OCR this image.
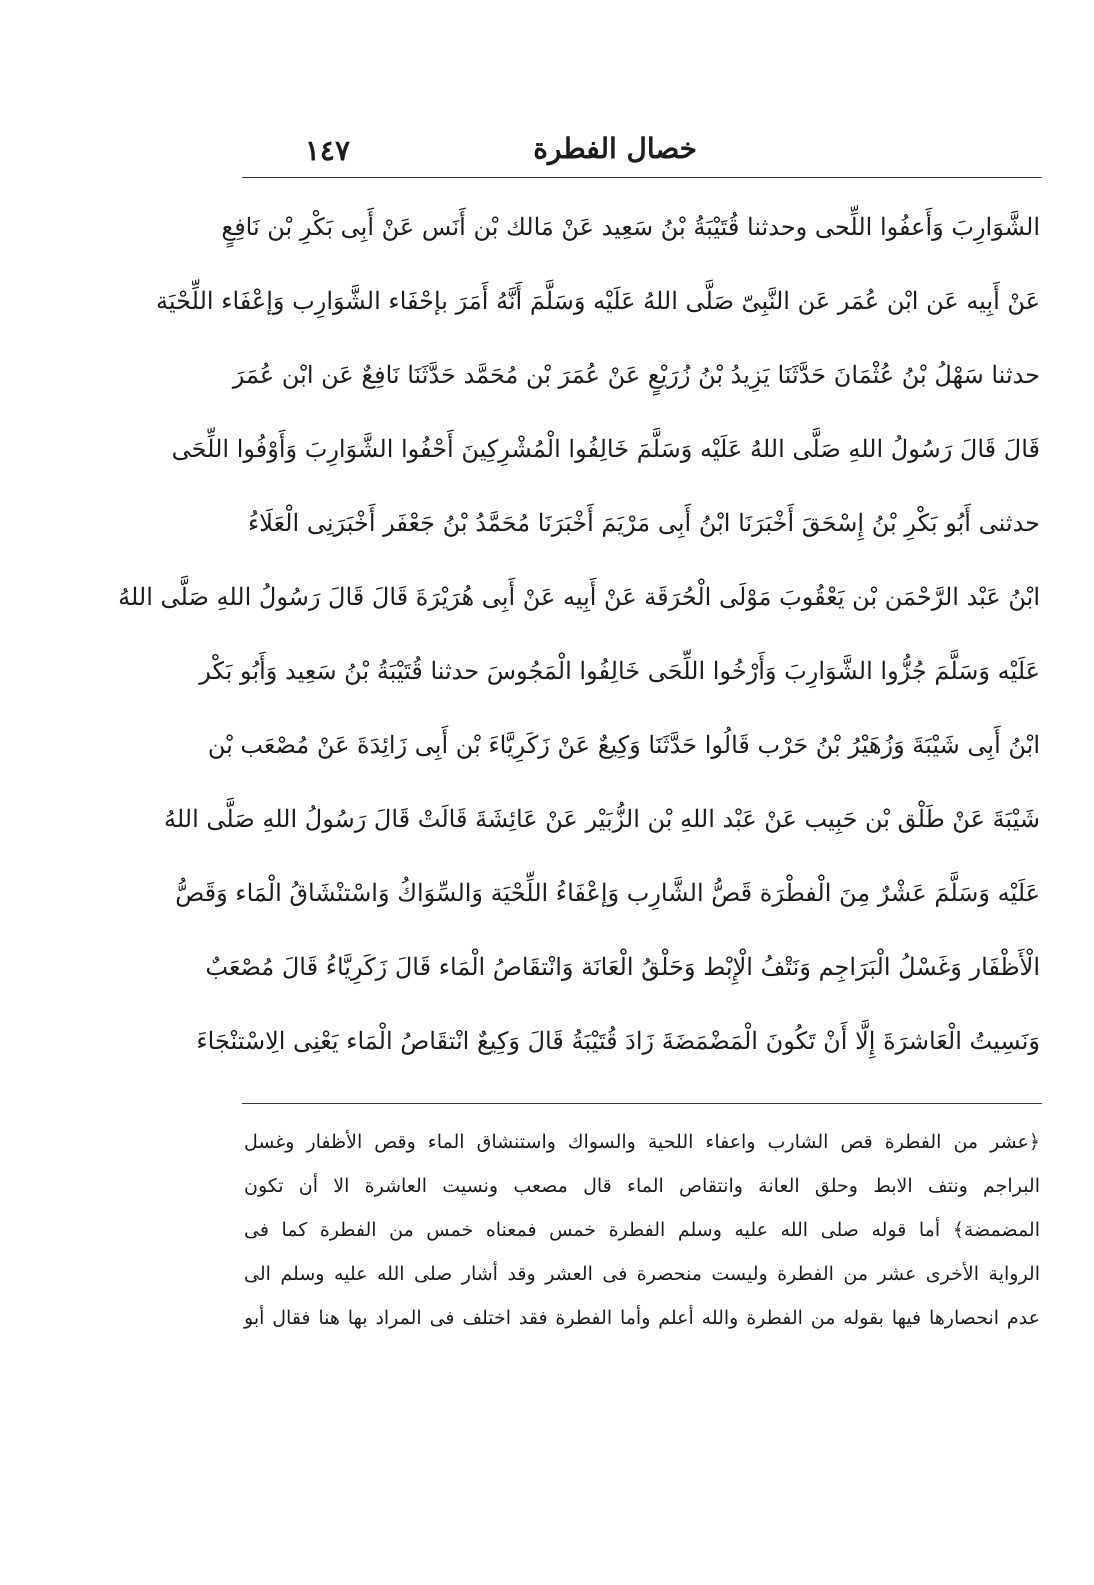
خصال الفطرة
١٤٧
الشَّوَارِبَ وَأَعفُوا اللِّحى وحدثنا قُتَيْبَةُ بْنُ سَعِيد عَنْ مَالك بْن أَنَس عَنْ أَبِى بَكْرِ بْن نَافِعٍ
عَنْ أَبِيه عَن ابْن عُمَر عَن النَّبِىّ صَلَّى اللهُ عَلَيْه وَسَلَّمَ أَنَّهُ أَمَرَ بإحْفَاء الشَّوَارِب وَإعْفَاء اللِّحْيَة
حدثنا سَهْلُ بْنُ عُثْمَانَ حَدَّثَنَا يَزِيدُ بْنُ زُرَيْعٍ عَنْ عُمَرَ بْن مُحَمَّد حَدَّثَنَا نَافِعٌ عَن ابْن عُمَرَ
قَالَ قَالَ رَسُولُ اللهِ صَلَّى اللهُ عَلَيْه وَسَلَّمَ خَالِفُوا الْمُشْرِكِينَ أَحْفُوا الشَّوَارِبَ وَأَوْفُوا اللِّحَى
حدثنى أَبُو بَكْرِ بْنُ إِسْحَقَ أَخْبَرَنَا ابْنُ أَبِى مَرْيَمَ أَخْبَرَنَا مُحَمَّدُ بْنُ جَعْفَر أَخْبَرَنِى الْعَلَاءُ
ابْنُ عَبْد الرَّحْمَن بْن يَعْقُوبَ مَوْلَى الْحُرَقَة عَنْ أَبِيه عَنْ أَبِى هُرَيْرَةَ قَالَ قَالَ رَسُولُ اللهِ صَلَّى اللهُ
عَلَيْه وَسَلَّمَ جُزُّوا الشَّوَارِبَ وَأَرْخُوا اللِّحَى خَالِفُوا الْمَجُوسَ حدثنا قُتَيْبَةُ بْنُ سَعِيد وَأَبُو بَكْر
ابْنُ أَبِى شَيْبَةَ وَزُهَيْرُ بْنُ حَرْب قَالُوا حَدَّثَنَا وَكِيعٌ عَنْ زَكَرِيَّاءَ بْن أَبِى زَائِدَةَ عَنْ مُصْعَب بْن
شَيْبَةَ عَنْ طَلْق بْن حَبِيب عَنْ عَبْد اللهِ بْن الزُّبَيْر عَنْ عَائِشَةَ قَالَتْ قَالَ رَسُولُ اللهِ صَلَّى اللهُ
عَلَيْه وَسَلَّمَ عَشْرٌ مِنَ الْفطْرَة قَصُّ الشَّارِب وَإعْفَاءُ اللِّحْيَة وَالسِّوَاكُ وَاسْتنْشَاقُ الْمَاء وَقَصُّ
الْأَظْفَار وَغَسْلُ الْبَرَاجِم وَنَتْفُ الْإِبْط وَحَلْقُ الْعَانَة وَانْتقَاصُ الْمَاء قَالَ زَكَرِيَّاءُ قَالَ مُصْعَبٌ
وَنَسِيتُ الْعَاشرَةَ إِلَّا أَنْ تَكُونَ الْمَضْمَضَةَ زَادَ قُتَيْبَةُ قَالَ وَكِيعٌ انْتقَاصُ الْمَاء يَعْنِى الِاسْتنْجَاءَ
﴿عشر من الفطرة قص الشارب واعفاء اللحية والسواك واستنشاق الماء وقص الأظفار وغسل
البراجم ونتف الابط وحلق العانة وانتقاص الماء قال مصعب ونسيت العاشرة الا أن تكون
المضمضة﴾ أما قوله صلى الله عليه وسلم الفطرة خمس فمعناه خمس من الفطرة كما فى
الرواية الأخرى عشر من الفطرة وليست منحصرة فى العشر وقد أشار صلى الله عليه وسلم الى
عدم انحصارها فيها بقوله من الفطرة والله أعلم وأما الفطرة فقد اختلف فى المراد بها هنا فقال أبو
